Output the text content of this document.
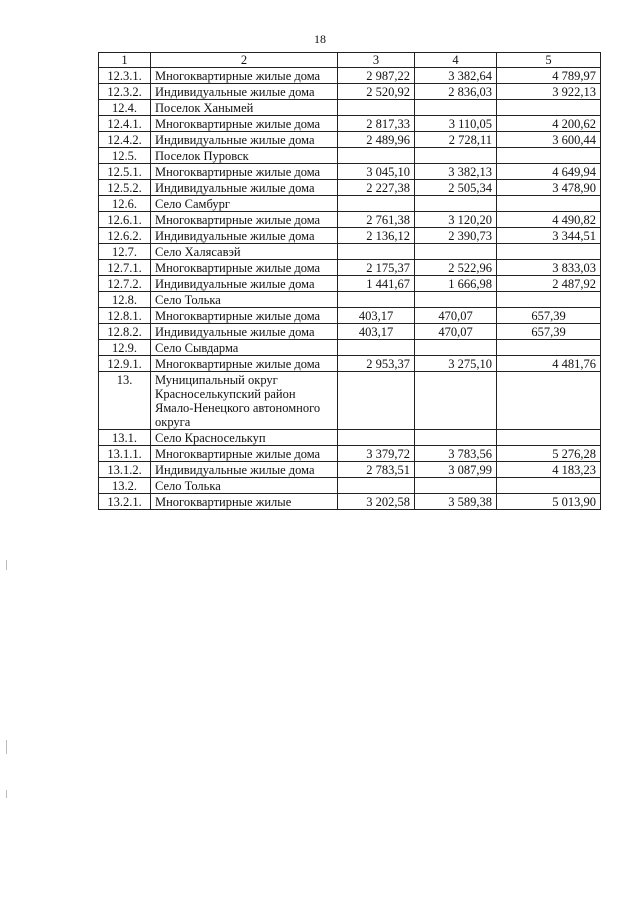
18
1	2	3	4	5
12.3.1.	Многоквартирные жилые дома	2 987,22	3 382,64	4 789,97
12.3.2.	Индивидуальные жилые дома	2 520,92	2 836,03	3 922,13
12.4.	Поселок Ханымей			
12.4.1.	Многоквартирные жилые дома	2 817,33	3 110,05	4 200,62
12.4.2.	Индивидуальные жилые дома	2 489,96	2 728,11	3 600,44
12.5.	Поселок Пуровск			
12.5.1.	Многоквартирные жилые дома	3 045,10	3 382,13	4 649,94
12.5.2.	Индивидуальные жилые дома	2 227,38	2 505,34	3 478,90
12.6.	Село Самбург			
12.6.1.	Многоквартирные жилые дома	2 761,38	3 120,20	4 490,82
12.6.2.	Индивидуальные жилые дома	2 136,12	2 390,73	3 344,51
12.7.	Село Халясавэй			
12.7.1.	Многоквартирные жилые дома	2 175,37	2 522,96	3 833,03
12.7.2.	Индивидуальные жилые дома	1 441,67	1 666,98	2 487,92
12.8.	Село Толька			
12.8.1.	Многоквартирные жилые дома	403,17	470,07	657,39
12.8.2.	Индивидуальные жилые дома	403,17	470,07	657,39
12.9.	Село Сывдарма			
12.9.1.	Многоквартирные жилые дома	2 953,37	3 275,10	4 481,76
13.	Муниципальный округ Красноселькупский район Ямало-Ненецкого автономного округа			
13.1.	Село Красноселькуп			
13.1.1.	Многоквартирные жилые дома	3 379,72	3 783,56	5 276,28
13.1.2.	Индивидуальные жилые дома	2 783,51	3 087,99	4 183,23
13.2.	Село Толька			
13.2.1.	Многоквартирные жилые	3 202,58	3 589,38	5 013,90
